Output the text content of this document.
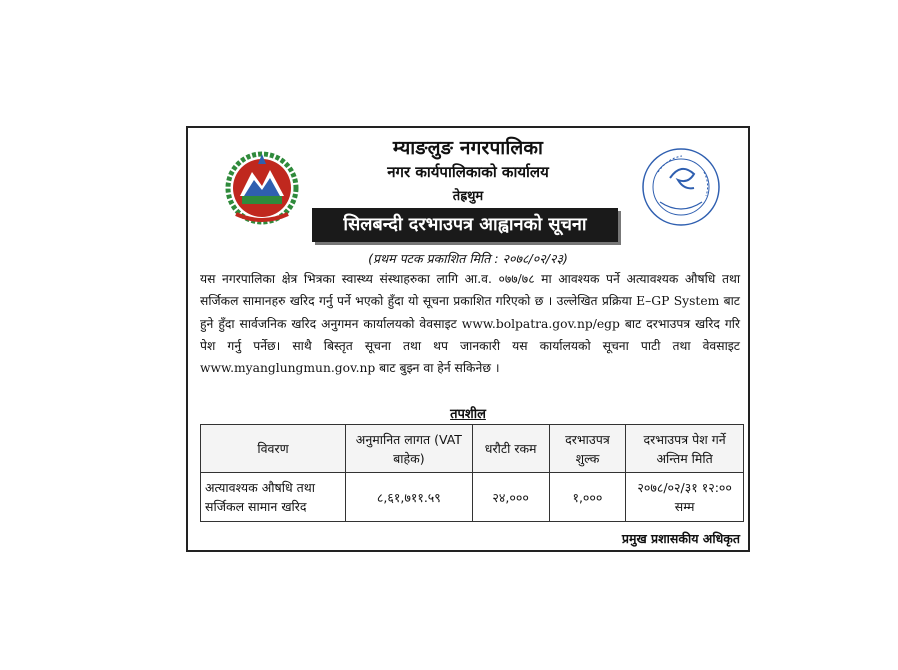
म्याङलुङ नगरपालिका
नगर कार्यपालिकाको कार्यालय
तेह्रथुम
सिलबन्दी दरभाउपत्र आह्वानको सूचना
(प्रथम पटक प्रकाशित मिति : २०७८/०२/२३)
यस नगरपालिका क्षेत्र भित्रका स्वास्थ्य संस्थाहरुका लागि आ.व. ०७७/७८ मा आवश्यक पर्ने अत्यावश्यक औषधि तथा सर्जिकल सामानहरु खरिद गर्नु पर्ने भएको हुँदा यो सूचना प्रकाशित गरिएको छ । उल्लेखित प्रक्रिया E–GP System बाट हुने हुँदा सार्वजनिक खरिद अनुगमन कार्यालयको वेवसाइट www.bolpatra.gov.np/egp बाट दरभाउपत्र खरिद गरि पेश गर्नु पर्नेछ। साथै बिस्तृत सूचना तथा थप जानकारी यस कार्यालयको सूचना पाटी तथा वेवसाइट www.myanglungmun.gov.np बाट बुझ्न वा हेर्न सकिनेछ ।
तपशील
विवरण	अनुमानित लागत (VAT बाहेक)	धरौटी रकम	दरभाउपत्र शुल्क	दरभाउपत्र पेश गर्ने अन्तिम मिति
अत्यावश्यक औषधि तथा सर्जिकल सामान खरिद	८,६१,७११.५९	२४,०००	१,०००	२०७८/०२/३१ १२:०० सम्म
प्रमुख प्रशासकीय अधिकृत
